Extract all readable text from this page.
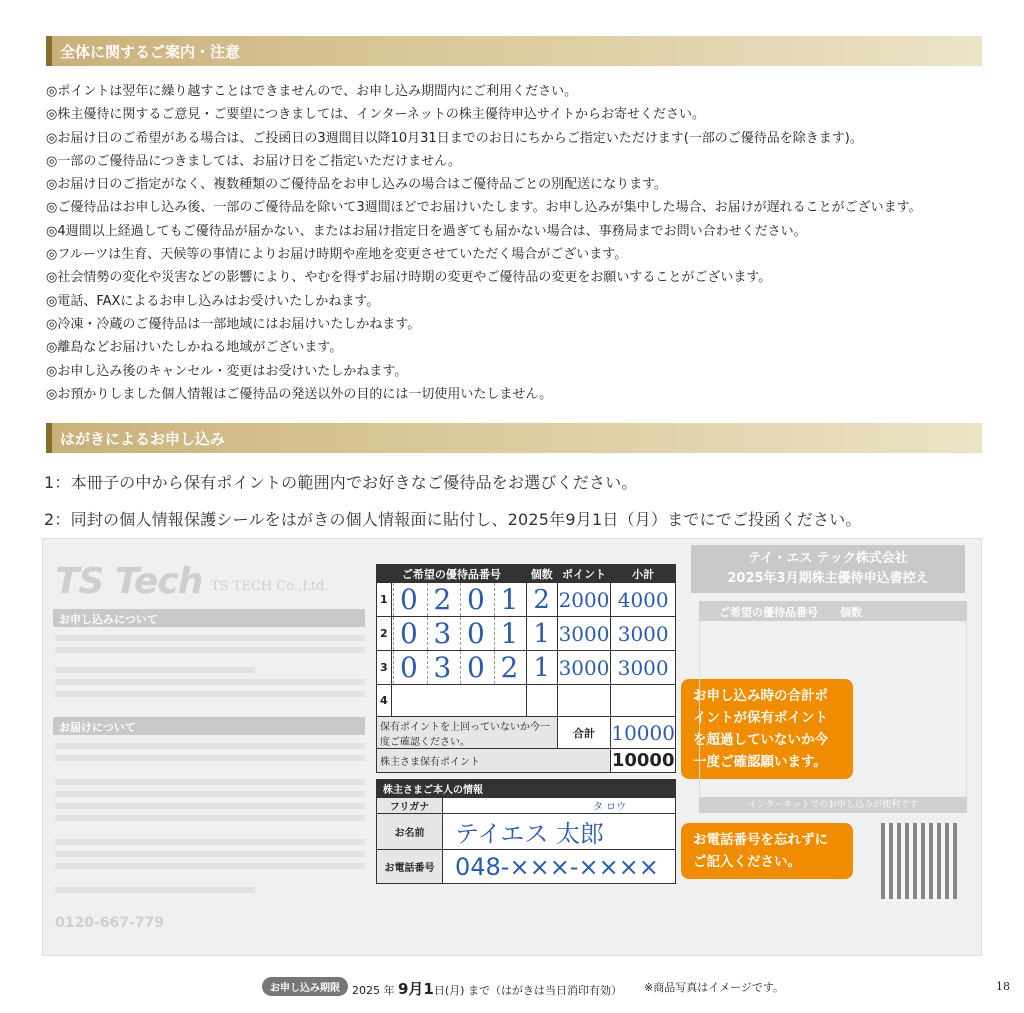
全体に関するご案内・注意
◎ポイントは翌年に繰り越すことはできませんので、お申し込み期間内にご利用ください。
◎株主優待に関するご意見・ご要望につきましては、インターネットの株主優待申込サイトからお寄せください。
◎お届け日のご希望がある場合は、ご投函日の3週間目以降10月31日までのお日にちからご指定いただけます(一部のご優待品を除きます)。
◎一部のご優待品につきましては、お届け日をご指定いただけません。
◎お届け日のご指定がなく、複数種類のご優待品をお申し込みの場合はご優待品ごとの別配送になります。
◎ご優待品はお申し込み後、一部のご優待品を除いて3週間ほどでお届けいたします。お申し込みが集中した場合、お届けが遅れることがございます。
◎4週間以上経過してもご優待品が届かない、またはお届け指定日を過ぎても届かない場合は、事務局までお問い合わせください。
◎フルーツは生育、天候等の事情によりお届け時期や産地を変更させていただく場合がございます。
◎社会情勢の変化や災害などの影響により、やむを得ずお届け時期の変更やご優待品の変更をお願いすることがございます。
◎電話、FAXによるお申し込みはお受けいたしかねます。
◎冷凍・冷蔵のご優待品は一部地域にはお届けいたしかねます。
◎離島などお届けいたしかねる地域がございます。
◎お申し込み後のキャンセル・変更はお受けいたしかねます。
◎お預かりしました個人情報はご優待品の発送以外の目的には一切使用いたしません。
はがきによるお申し込み
1：本冊子の中から保有ポイントの範囲内でお好きなご優待品をお選びください。
2：同封の個人情報保護シールをはがきの個人情報面に貼付し、2025年9月1日（月）までにでご投函ください。
TS Tech TS TECH Co.,Ltd.
お申し込みについて
お届けについて
0120-667-779
ご希望の優待品番号		個数	ポイント	小計
1	0 2 0 1	2	2000	4000
2	0 3 0 1	1	3000	3000
3	0 3 0 2	1	3000	3000
4	

保有ポイントを上回っていないか今一度ご確認ください。			合計	10000
株主さま保有ポイント				10000
株主さまご本人の情報	
フリガナ	タ ロウ
お名前	テイエス 太郎
お電話番号	048-×××-××××
お申し込み時の合計ポイントが保有ポイントを超過していないか今一度ご確認願います。
お電話番号を忘れずにご記入ください。
テイ・エス テック株式会社
2025年3月期株主優待申込書控え
ご希望の優待品番号　　個数
インターネットでのお申し込みが便利です
お申し込み期限	2025 年 9月1日(月) まで（はがきは当日消印有効） ※商品写真はイメージです。	18
